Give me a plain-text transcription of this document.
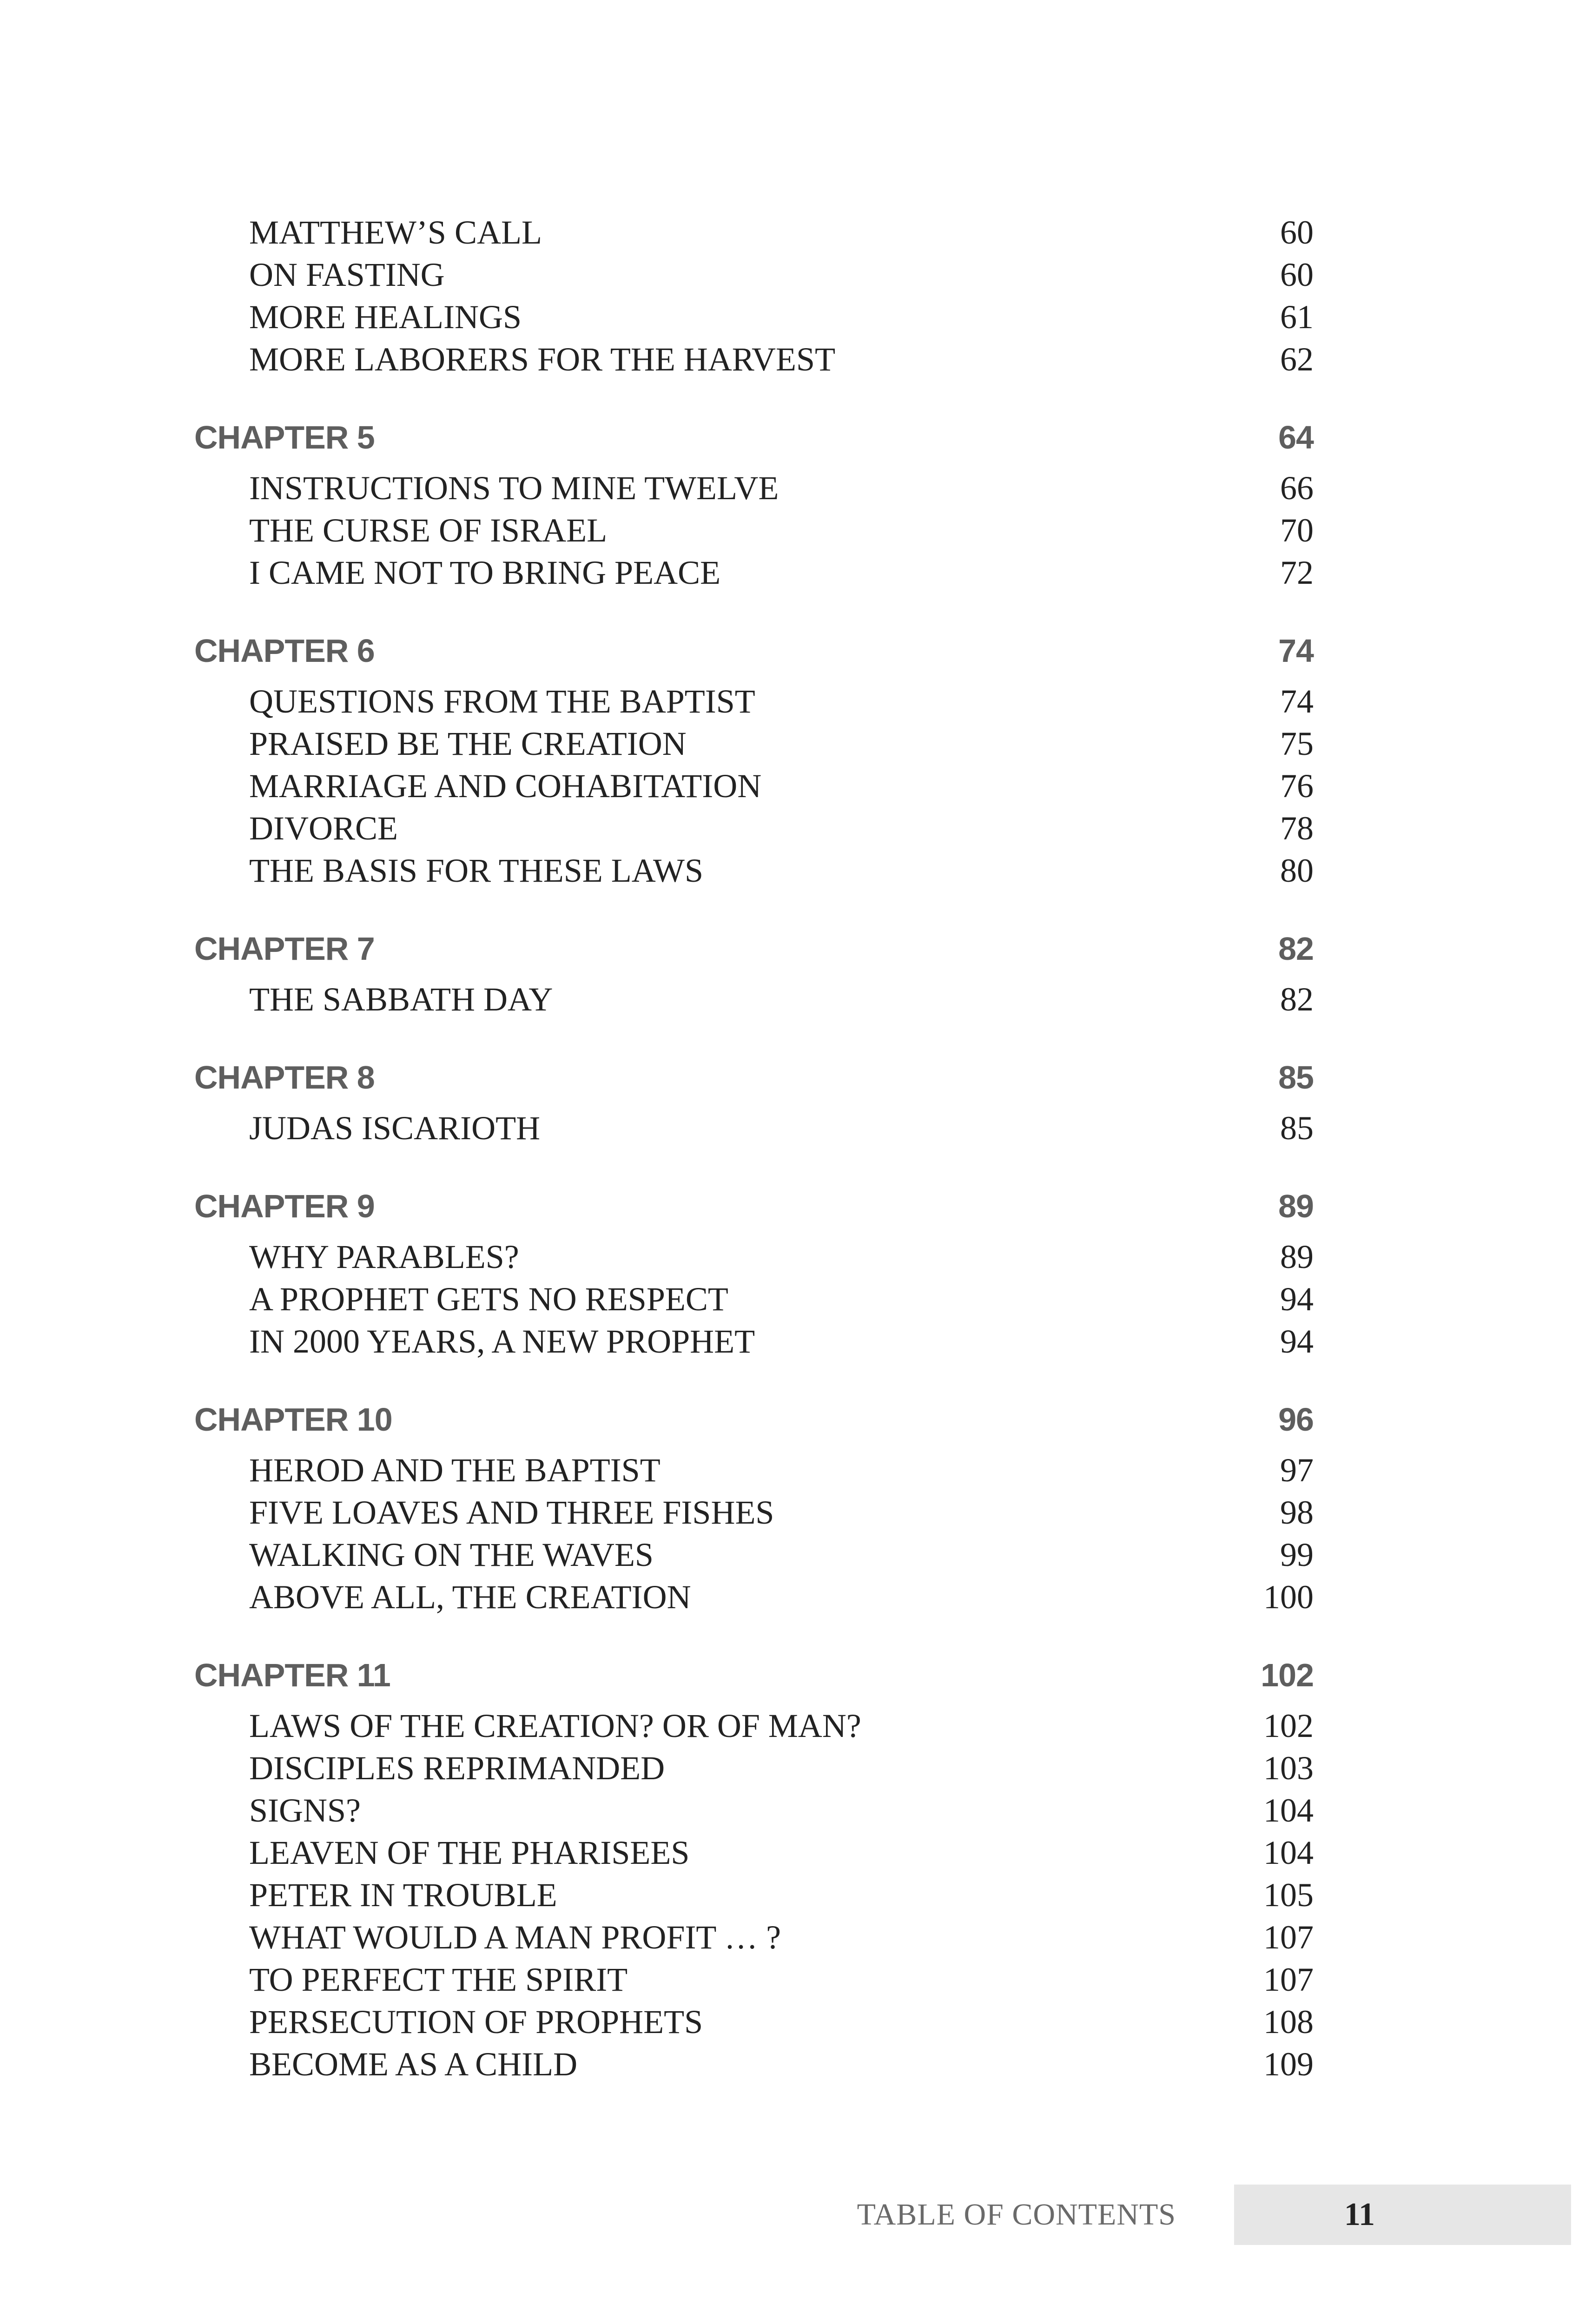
MATTHEW’S CALL	60
ON FASTING	60
MORE HEALINGS	61
MORE LABORERS FOR THE HARVEST	62
CHAPTER 5	64
INSTRUCTIONS TO MINE TWELVE	66
THE CURSE OF ISRAEL	70
I CAME NOT TO BRING PEACE	72
CHAPTER 6	74
QUESTIONS FROM THE BAPTIST	74
PRAISED BE THE CREATION	75
MARRIAGE AND COHABITATION	76
DIVORCE	78
THE BASIS FOR THESE LAWS	80
CHAPTER 7	82
THE SABBATH DAY	82
CHAPTER 8	85
JUDAS ISCARIOTH	85
CHAPTER 9	89
WHY PARABLES?	89
A PROPHET GETS NO RESPECT	94
IN 2000 YEARS, A NEW PROPHET	94
CHAPTER 10	96
HEROD AND THE BAPTIST	97
FIVE LOAVES AND THREE FISHES	98
WALKING ON THE WAVES	99
ABOVE ALL, THE CREATION	100
CHAPTER 11	102
LAWS OF THE CREATION? OR OF MAN?	102
DISCIPLES REPRIMANDED	103
SIGNS?	104
LEAVEN OF THE PHARISEES	104
PETER IN TROUBLE	105
WHAT WOULD A MAN PROFIT … ?	107
TO PERFECT THE SPIRIT	107
PERSECUTION OF PROPHETS	108
BECOME AS A CHILD	109
TABLE OF CONTENTS	11
